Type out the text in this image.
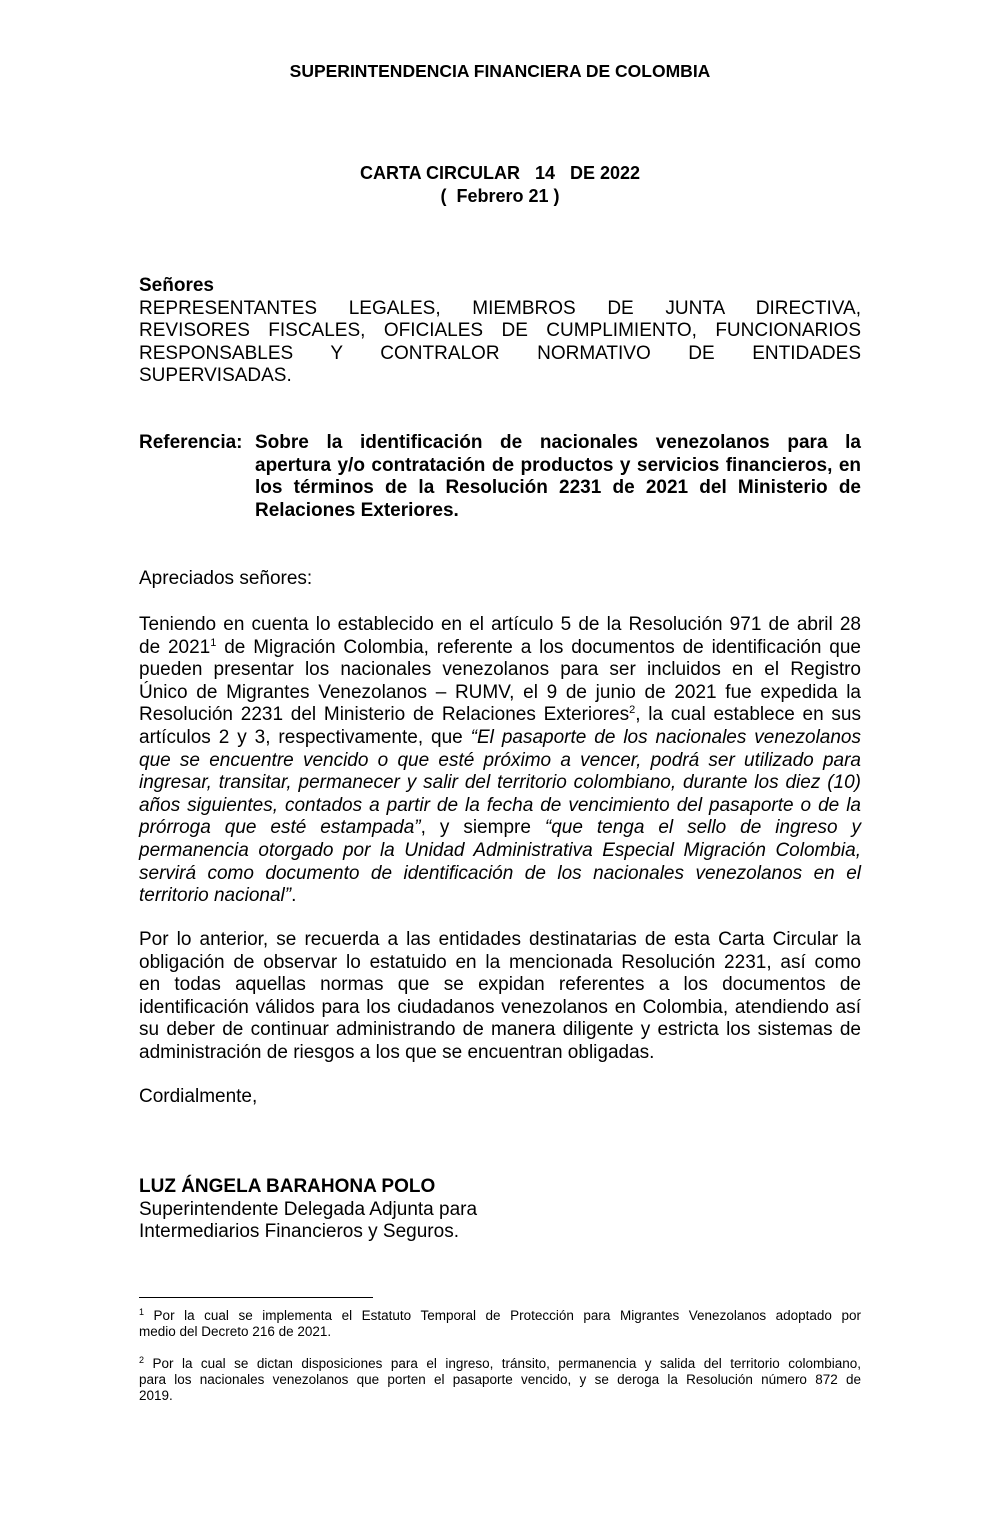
SUPERINTENDENCIA FINANCIERA DE COLOMBIA
CARTA CIRCULAR   14   DE 2022
(  Febrero 21 )
Señores
REPRESENTANTES LEGALES, MIEMBROS DE JUNTA DIRECTIVA,
REVISORES FISCALES, OFICIALES DE CUMPLIMIENTO, FUNCIONARIOS
RESPONSABLES Y CONTRALOR NORMATIVO DE ENTIDADES
SUPERVISADAS.
Referencia: Sobre la identificación de nacionales venezolanos para la
apertura y/o contratación de productos y servicios financieros, en
los términos de la Resolución 2231 de 2021 del Ministerio de
Relaciones Exteriores.
Apreciados señores:
Teniendo en cuenta lo establecido en el artículo 5 de la Resolución 971 de abril 28
de 2021$^1$ de Migración Colombia, referente a los documentos de identificación que
pueden presentar los nacionales venezolanos para ser incluidos en el Registro
Único de Migrantes Venezolanos – RUMV, el 9 de junio de 2021 fue expedida la
Resolución 2231 del Ministerio de Relaciones Exteriores$^2$, la cual establece en sus
artículos 2 y 3, respectivamente, que “El pasaporte de los nacionales venezolanos
que se encuentre vencido o que esté próximo a vencer, podrá ser utilizado para
ingresar, transitar, permanecer y salir del territorio colombiano, durante los diez (10)
años siguientes, contados a partir de la fecha de vencimiento del pasaporte o de la
prórroga que esté estampada”, y siempre “que tenga el sello de ingreso y
permanencia otorgado por la Unidad Administrativa Especial Migración Colombia,
servirá como documento de identificación de los nacionales venezolanos en el
territorio nacional”.
Por lo anterior, se recuerda a las entidades destinatarias de esta Carta Circular la
obligación de observar lo estatuido en la mencionada Resolución 2231, así como
en todas aquellas normas que se expidan referentes a los documentos de
identificación válidos para los ciudadanos venezolanos en Colombia, atendiendo así
su deber de continuar administrando de manera diligente y estricta los sistemas de
administración de riesgos a los que se encuentran obligadas.
Cordialmente,
LUZ ÁNGELA BARAHONA POLO
Superintendente Delegada Adjunta para
Intermediarios Financieros y Seguros.
$^1$ Por la cual se implementa el Estatuto Temporal de Protección para Migrantes Venezolanos adoptado por
medio del Decreto 216 de 2021.
$^2$ Por la cual se dictan disposiciones para el ingreso, tránsito, permanencia y salida del territorio colombiano,
para los nacionales venezolanos que porten el pasaporte vencido, y se deroga la Resolución número 872 de
2019.
